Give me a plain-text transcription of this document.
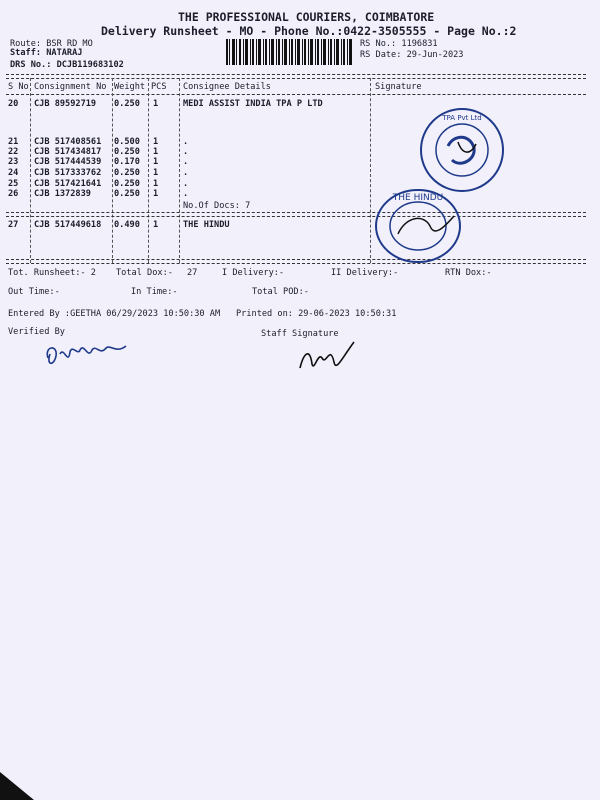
THE PROFESSIONAL COURIERS, COIMBATORE
Delivery Runsheet - MO - Phone No.:0422-3505555 - Page No.:2
Route: BSR RD MO
Staff: NATARAJ
DRS No.: DCJB119683102
RS No.: 1196831
RS Date: 29-Jun-2023
S No Consignment No Weight PCS Consignee Details	Signature
20 CJB 89592719 0.250 1	MEDI ASSIST INDIA TPA P LTD
21 CJB 517408561 0.500 1	.
22 CJB 517434817 0.250 1	.
23 CJB 517444539 0.170 1	.
24 CJB 517333762 0.250 1	.
25 CJB 517421641 0.250 1	.
26 CJB 1372839	0.250 1	.
No.Of Docs: 7
27 CJB 517449618 0.490 1	THE HINDU
TPA Pvt Ltd
THE HINDU
Tot. Runsheet:- 2 Total Dox:- 27	I Delivery:-	II Delivery:-	RTN Dox:-
Out Time:-	In Time:-	Total POD:-
Entered By :GEETHA 06/29/2023 10:50:30 AM Printed on: 29-06-2023 10:50:31
Verified By	Staff Signature
